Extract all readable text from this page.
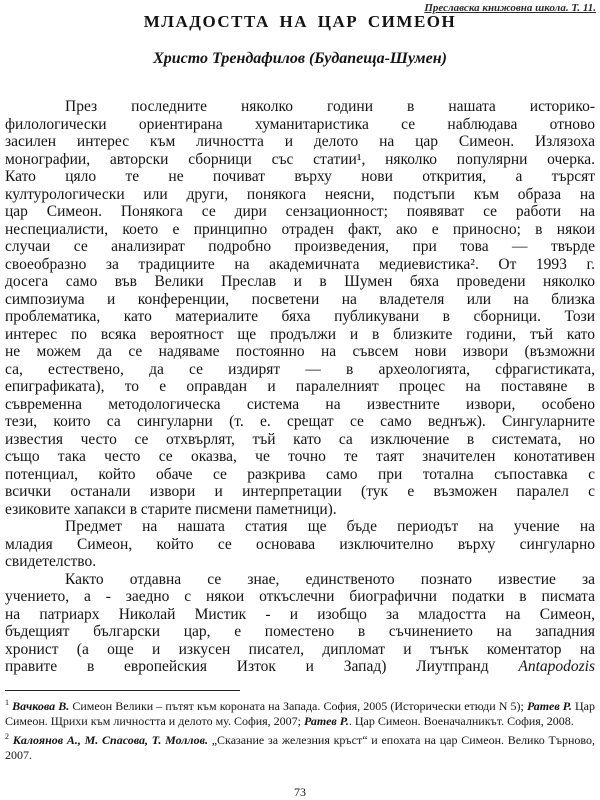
Преславска книжовна школа. Т. 11.
МЛАДОСТТА НА ЦАР СИМЕОН
Христо Трендафилов (Будапеща-Шумен)
През последните няколко години в нашата историко-
филологически ориентирана хуманитаристика се наблюдава отново
засилен интерес към личността и делото на цар Симеон. Излязоха
монографии, авторски сборници със статии¹, няколко популярни очерка.
Като цяло те не почиват върху нови открития, а търсят
културологически или други, понякога неясни, подстъпи към образа на
цар Симеон. Понякога се дири сензационност; появяват се работи на
неспециалисти, което е принципно отраден факт, ако е приносно; в някои
случаи се анализират подробно произведения, при това — твърде
своеобразно за традициите на академичната медиевистика². От 1993 г.
досега само във Велики Преслав и в Шумен бяха проведени няколко
симпозиума и конференции, посветени на владетеля или на близка
проблематика, като материалите бяха публикувани в сборници. Този
интерес по всяка вероятност ще продължи и в близките години, тъй като
не можем да се надяваме постоянно на съвсем нови извори (възможни
са, естествено, да се издирят — в археологията, сфрагистиката,
епиграфиката), то е оправдан и паралелният процес на поставяне в
съвременна методологическа система на известните извори, особено
тези, които са сингуларни (т. е. срещат се само веднъж). Сингуларните
известия често се отхвърлят, тъй като са изключение в системата, но
също така често се оказва, че точно те таят значителен конотативен
потенциал, който обаче се разкрива само при тотална съпоставка с
всички останали извори и интерпретации (тук е възможен паралел с
езиковите хапакси в старите писмени паметници).
Предмет на нашата статия ще бъде периодът на учение на
младия Симеон, който се основава изключително върху сингуларно
свидетелство.
Както отдавна се знае, единственото познато известие за
учението, а - заедно с някои откъслечни биографични податки в писмата
на патриарх Николай Мистик - и изобщо за младостта на Симеон,
бъдещият български цар, е поместено в съчинението на западния
хронист (а още и изкусен писател, дипломат и тънък коментатор на
правите в европейския Изток и Запад) Лиутпранд Antapodozis

$^1$ Вачкова В. Симеон Велики – пътят към короната на Запада. София, 2005 (Исторически етюди N 5); Ратев Р. Цар Симеон. Щрихи към личността и делото му. София, 2007; Ратев Р.. Цар Симеон. Военачалникът. София, 2008.

$^2$ Калоянов А., М. Спасова, Т. Моллов. „Сказание за железния кръст“ и епохата на цар Симеон. Велико Търново, 2007.

73
